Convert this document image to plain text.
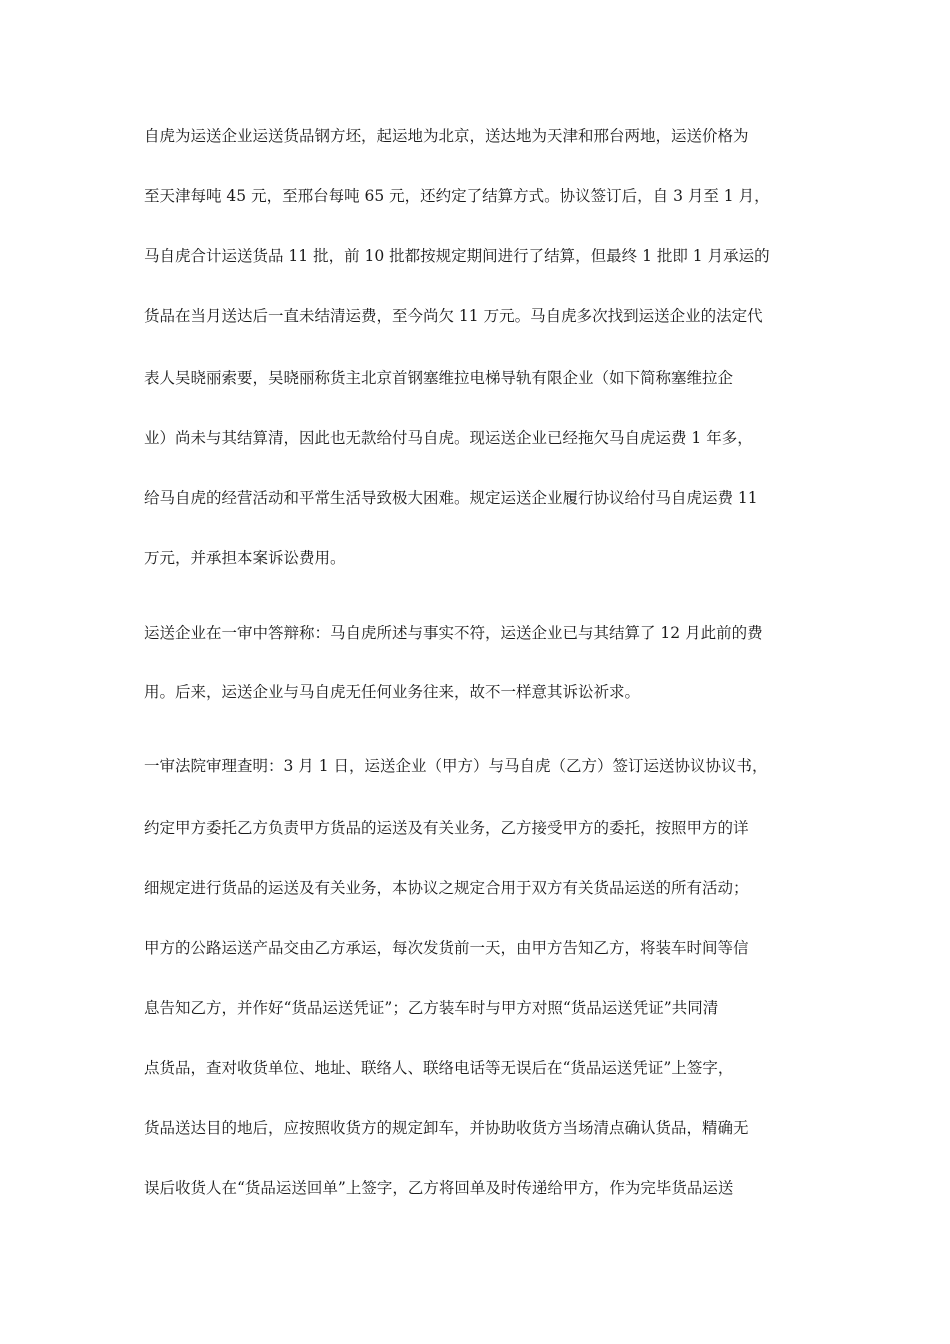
自虎为运送企业运送货品钢方坯，起运地为北京，送达地为天津和邢台两地，运送价格为
至天津每吨 45 元，至邢台每吨 65 元，还约定了结算方式。协议签订后，自 3 月至 1 月，
马自虎合计运送货品 11 批，前 10 批都按规定期间进行了结算，但最终 1 批即 1 月承运的
货品在当月送达后一直未结清运费，至今尚欠 11 万元。马自虎多次找到运送企业的法定代
表人吴晓丽索要，吴晓丽称货主北京首钢塞维拉电梯导轨有限企业（如下简称塞维拉企
业）尚未与其结算清，因此也无款给付马自虎。现运送企业已经拖欠马自虎运费 1 年多，
给马自虎的经营活动和平常生活导致极大困难。规定运送企业履行协议给付马自虎运费 11
万元，并承担本案诉讼费用。
运送企业在一审中答辩称：马自虎所述与事实不符，运送企业已与其结算了 12 月此前的费
用。后来，运送企业与马自虎无任何业务往来，故不一样意其诉讼祈求。
一审法院审理查明：3 月 1 日，运送企业（甲方）与马自虎（乙方）签订运送协议协议书，
约定甲方委托乙方负责甲方货品的运送及有关业务，乙方接受甲方的委托，按照甲方的详
细规定进行货品的运送及有关业务，本协议之规定合用于双方有关货品运送的所有活动；
甲方的公路运送产品交由乙方承运，每次发货前一天，由甲方告知乙方，将装车时间等信
息告知乙方，并作好“货品运送凭证”；乙方装车时与甲方对照“货品运送凭证”共同清
点货品，查对收货单位、地址、联络人、联络电话等无误后在“货品运送凭证”上签字，
货品送达目的地后，应按照收货方的规定卸车，并协助收货方当场清点确认货品，精确无
误后收货人在“货品运送回单”上签字，乙方将回单及时传递给甲方，作为完毕货品运送
